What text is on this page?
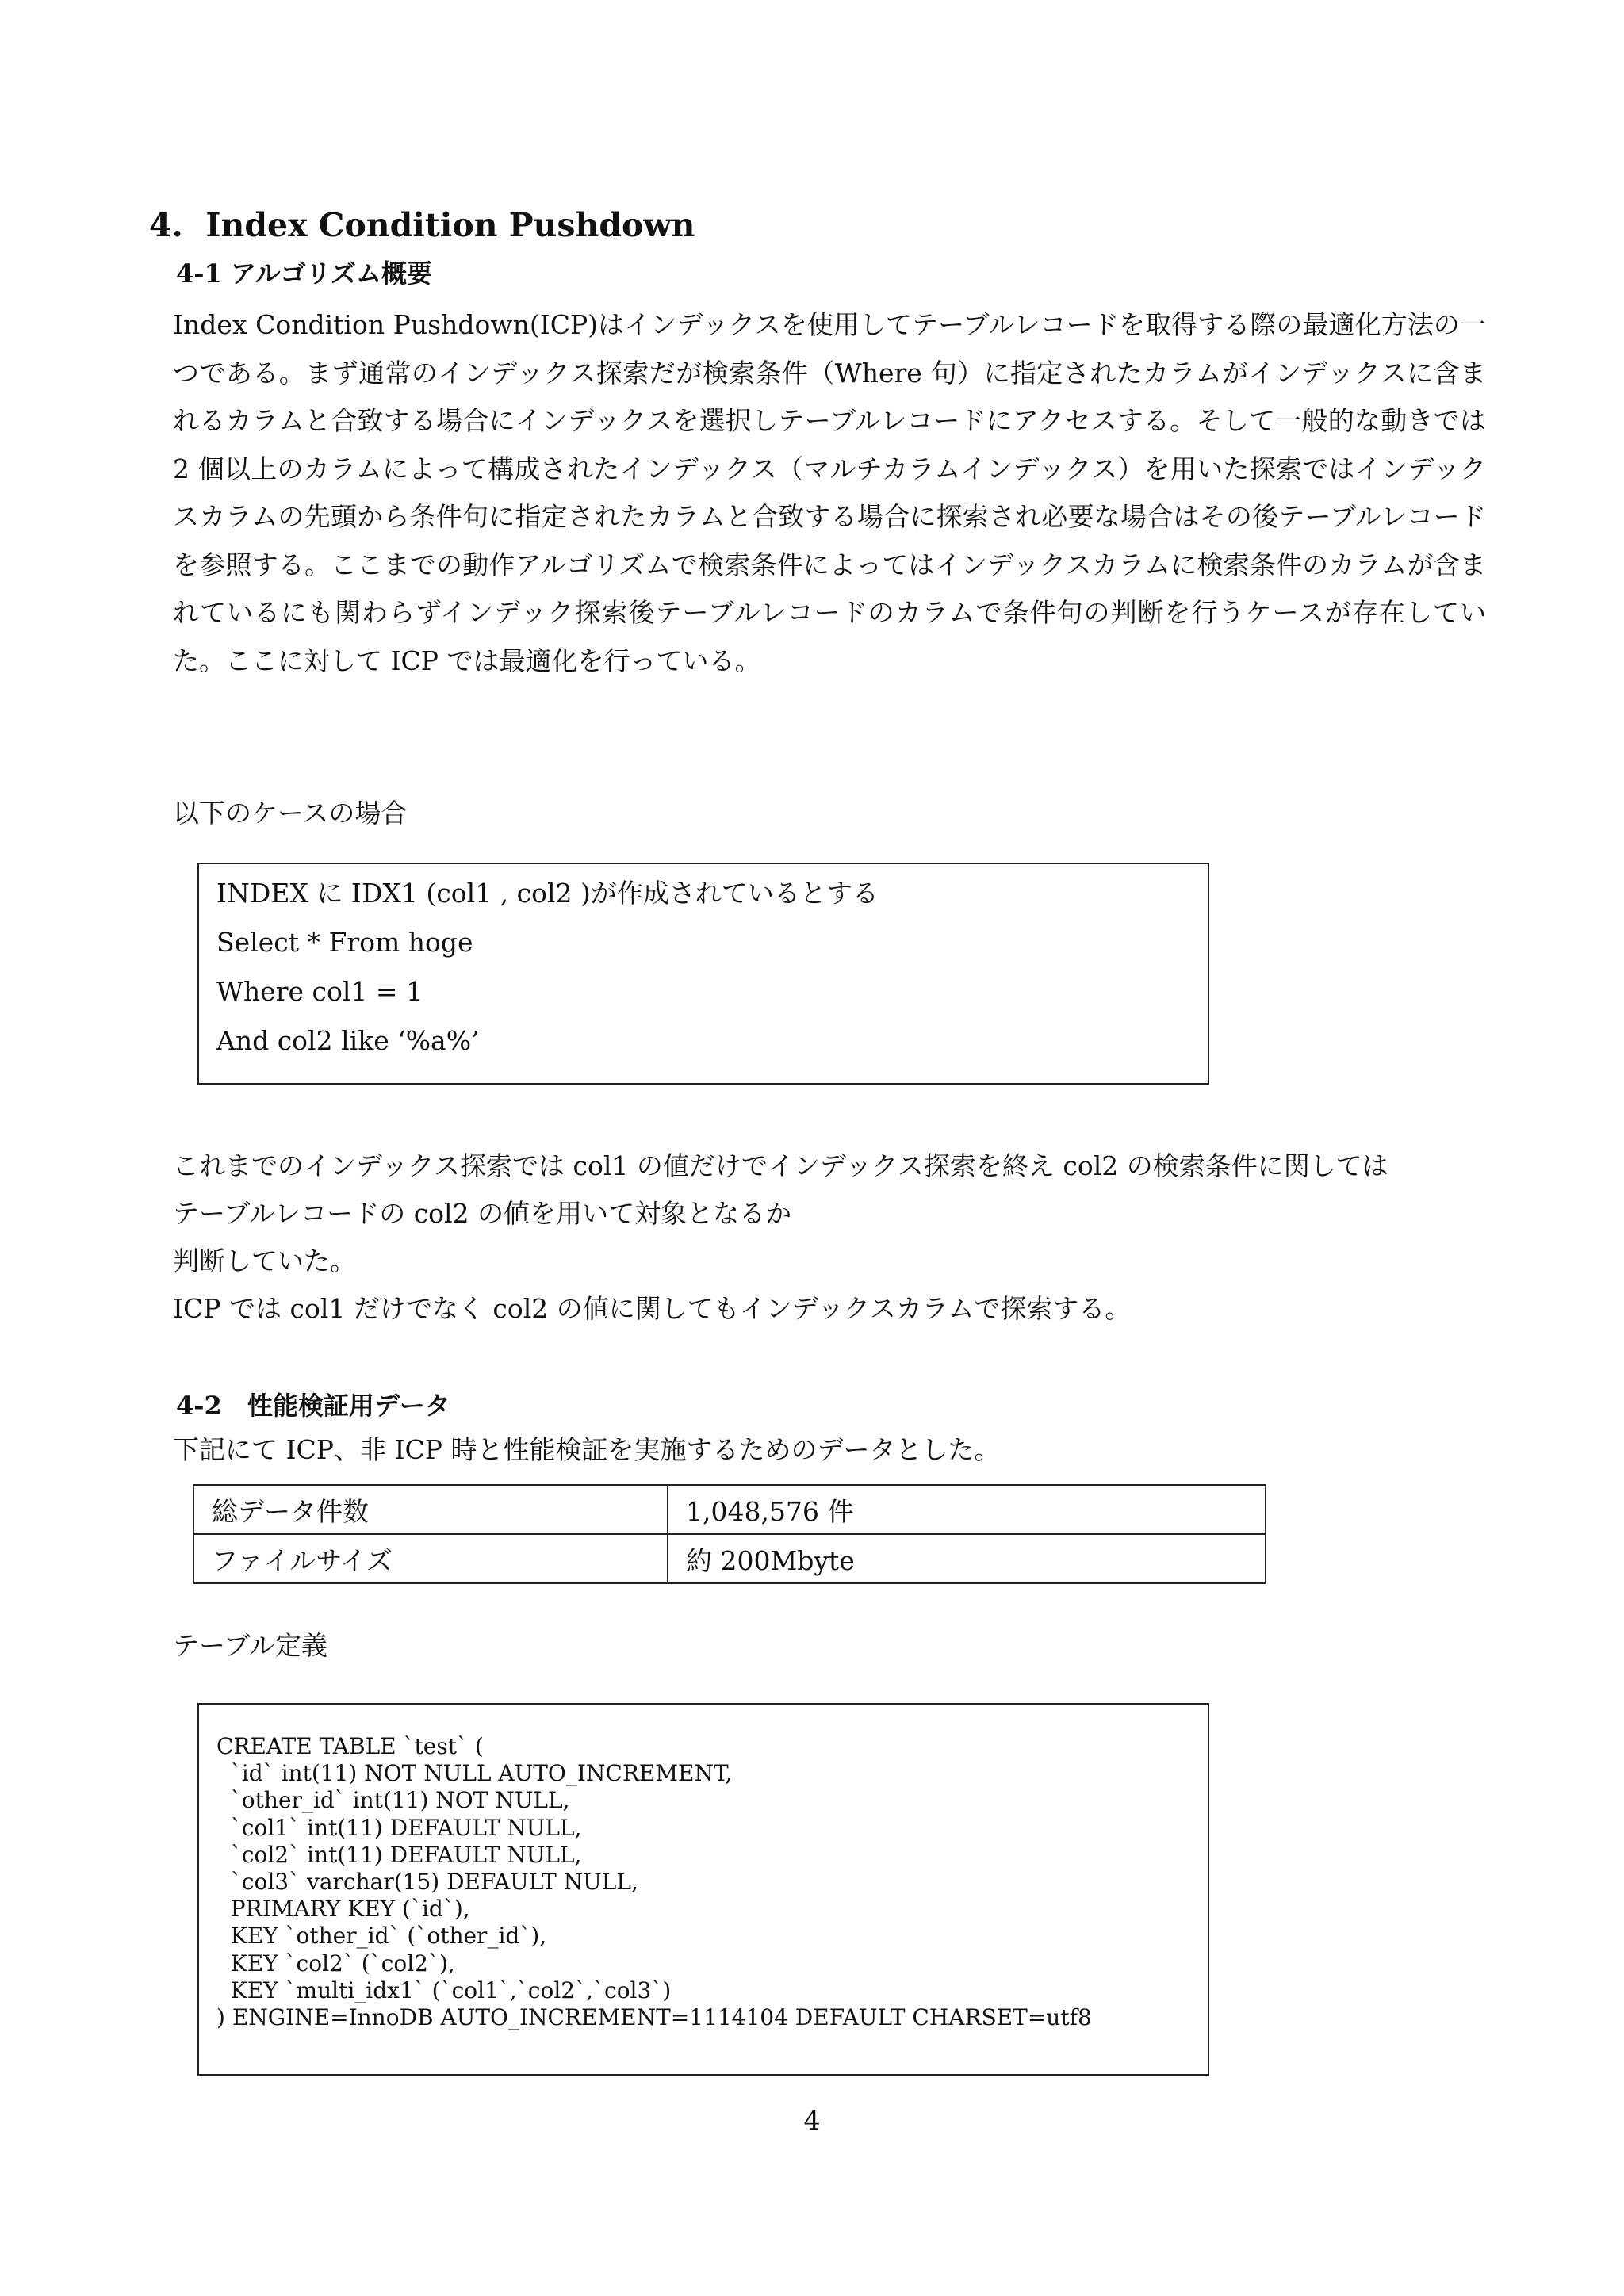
4.  Index Condition Pushdown
4-1 アルゴリズム概要
Index Condition Pushdown(ICP)はインデックスを使用してテーブルレコードを取得する際の最適化方法の一つである。まず通常のインデックス探索だが検索条件（Where 句）に指定されたカラムがインデックスに含まれるカラムと合致する場合にインデックスを選択しテーブルレコードにアクセスする。そして一般的な動きでは 2 個以上のカラムによって構成されたインデックス（マルチカラムインデックス）を用いた探索ではインデックスカラムの先頭から条件句に指定されたカラムと合致する場合に探索され必要な場合はその後テーブルレコードを参照する。ここまでの動作アルゴリズムで検索条件によってはインデックスカラムに検索条件のカラムが含まれているにも関わらずインデック探索後テーブルレコードのカラムで条件句の判断を行うケースが存在していた。ここに対して ICP では最適化を行っている。
以下のケースの場合
INDEX に IDX1 (col1 , col2 )が作成されているとする
Select * From hoge
Where col1 = 1
And col2 like ‘%a%’
これまでのインデックス探索では col1 の値だけでインデックス探索を終え col2 の検索条件に関しては
テーブルレコードの col2 の値を用いて対象となるか
判断していた。
ICP では col1 だけでなく col2 の値に関してもインデックスカラムで探索する。
4-2　性能検証用データ
下記にて ICP、非 ICP 時と性能検証を実施するためのデータとした。
総データ件数	1,048,576 件
ファイルサイズ	約 200Mbyte
テーブル定義
CREATE TABLE `test` (
`id` int(11) NOT NULL AUTO_INCREMENT,
`other_id` int(11) NOT NULL,
`col1` int(11) DEFAULT NULL,
`col2` int(11) DEFAULT NULL,
`col3` varchar(15) DEFAULT NULL,
PRIMARY KEY (`id`),
KEY `other_id` (`other_id`),
KEY `col2` (`col2`),
KEY `multi_idx1` (`col1`,`col2`,`col3`)
) ENGINE=InnoDB AUTO_INCREMENT=1114104 DEFAULT CHARSET=utf8
4
